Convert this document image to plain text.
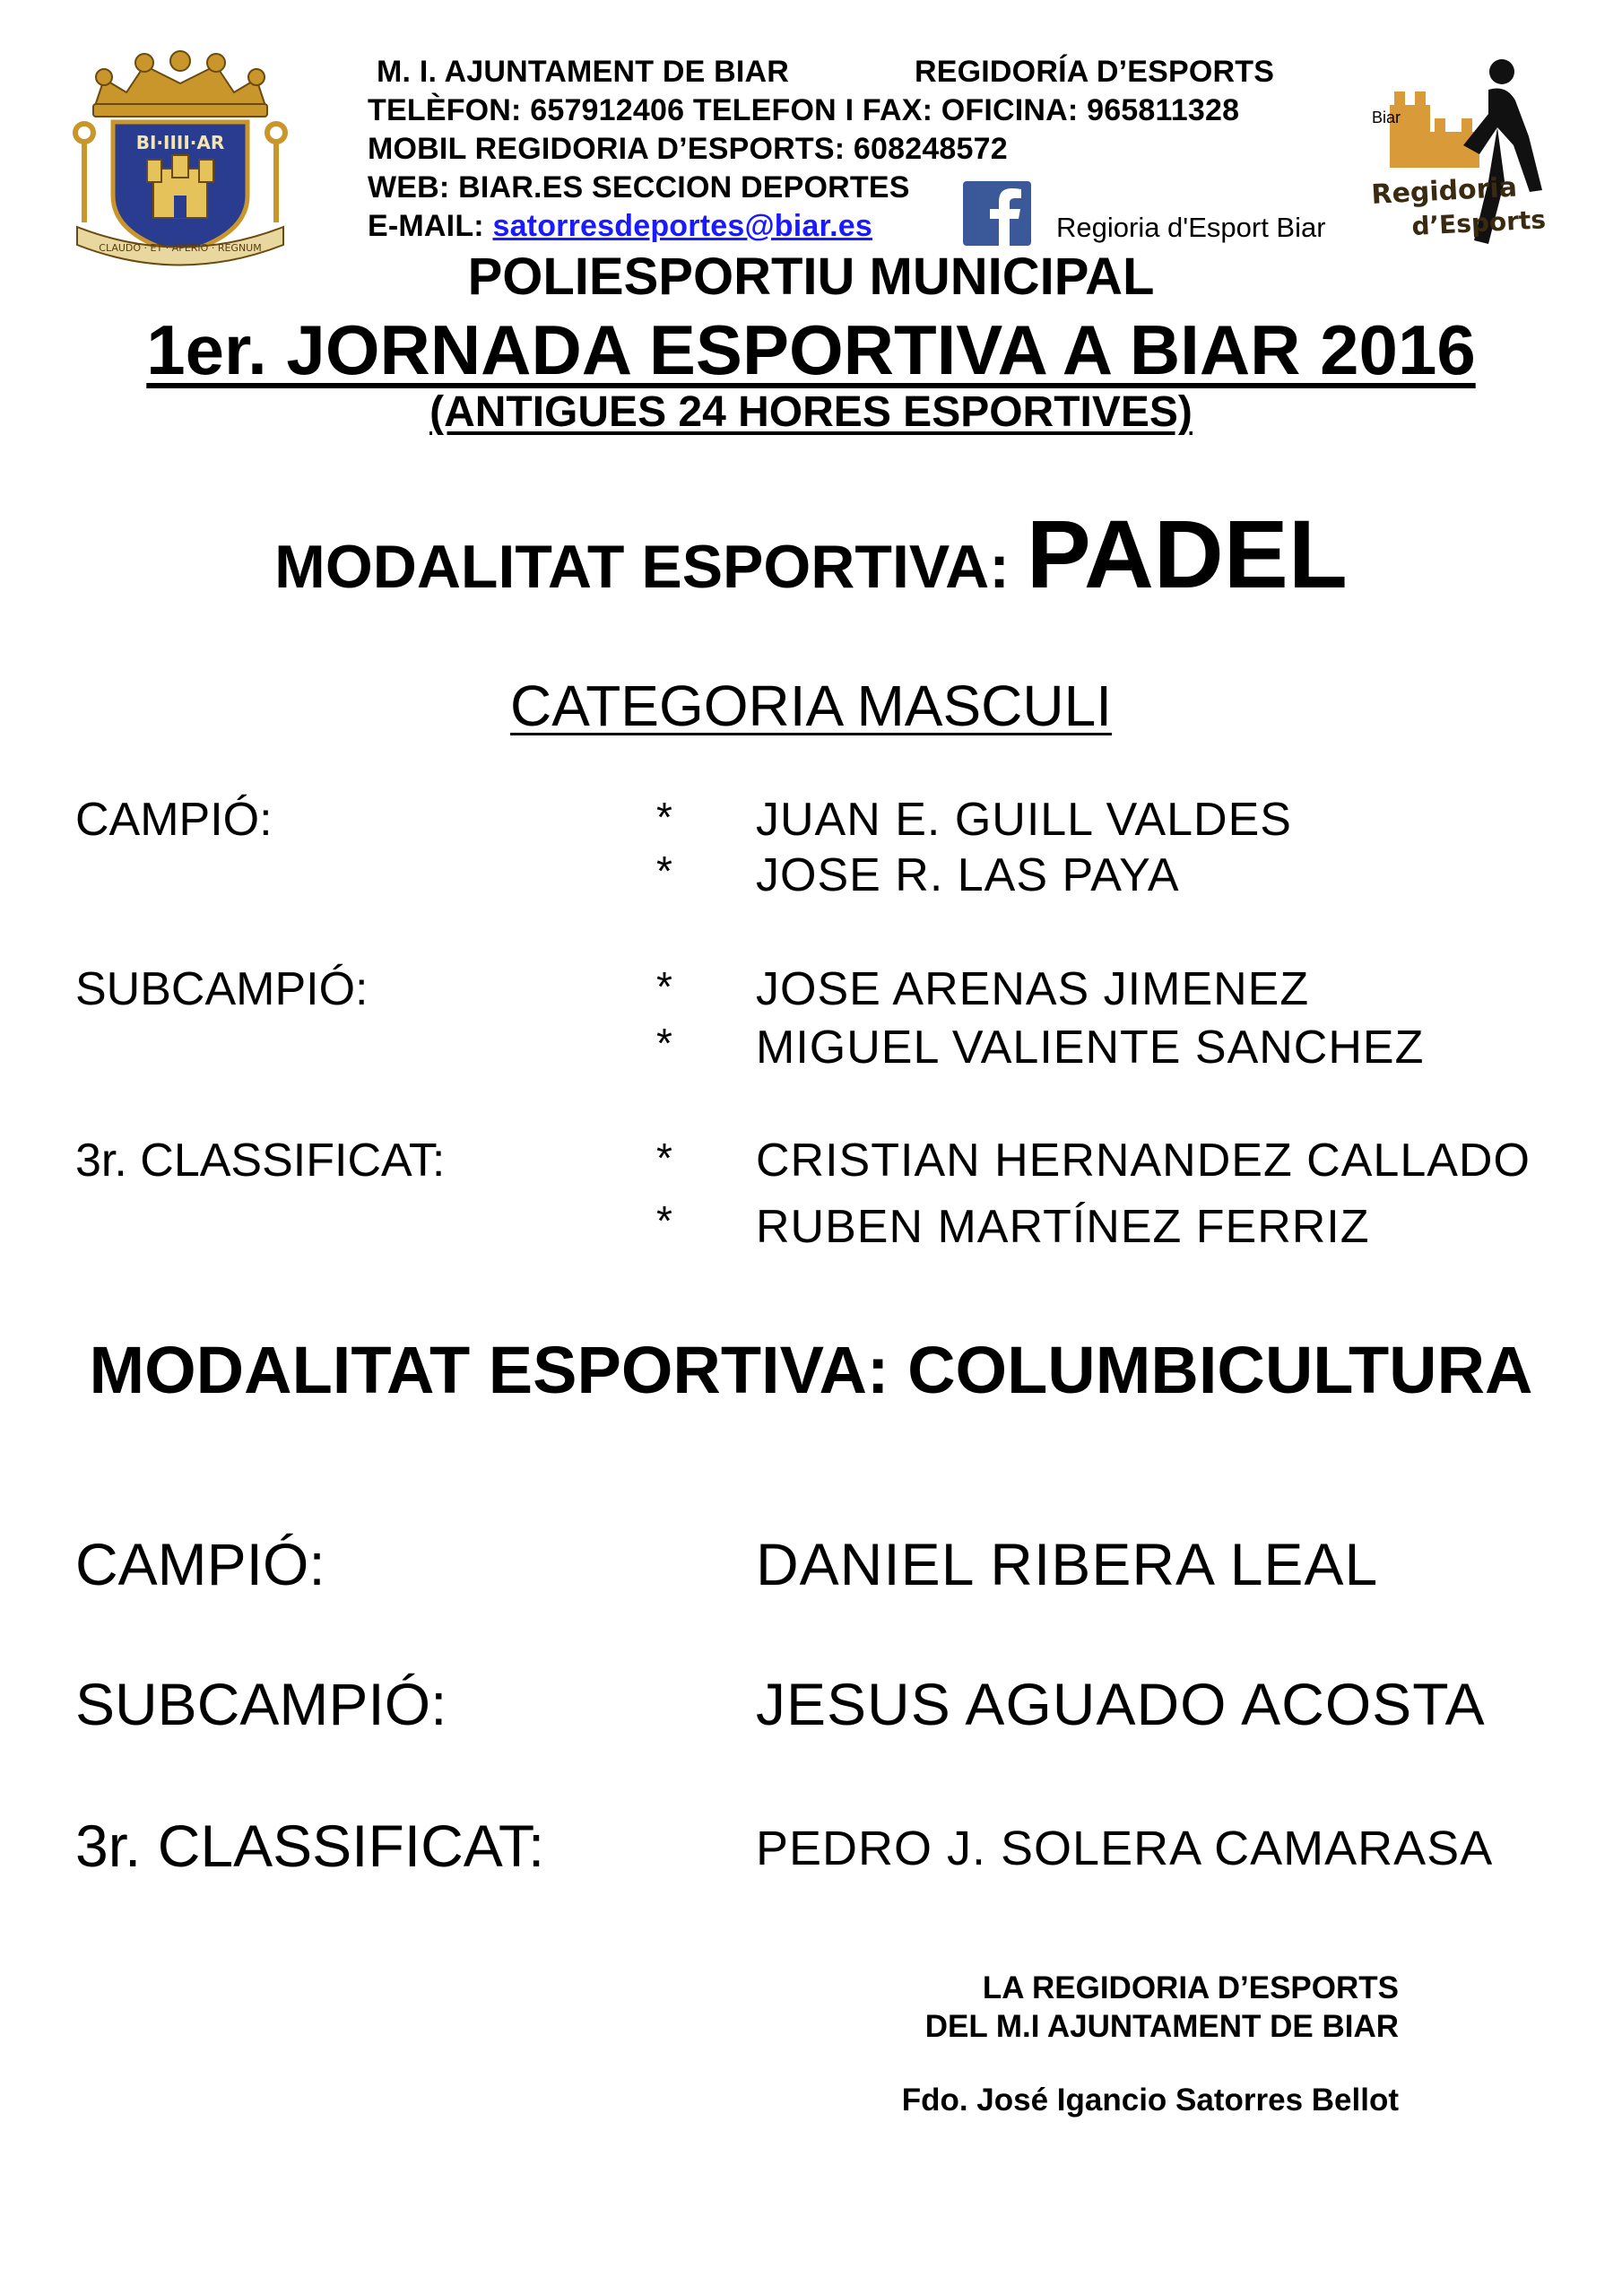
BI·IIII·AR
CLAUDO · ET · APERIO · REGNUM
M. I. AJUNTAMENT DE BIAR	REGIDORÍA D’ESPORTS
TELÈFON: 657912406 TELEFON I FAX: OFICINA: 965811328
MOBIL REGIDORIA D’ESPORTS: 608248572
WEB: BIAR.ES SECCION DEPORTES
E-MAIL: satorresdeportes@biar.es	Regioria d'Esport Biar
Biar
Regidoria
d’Esports
POLIESPORTIU MUNICIPAL
1er. JORNADA ESPORTIVA A BIAR 2016
(ANTIGUES 24 HORES ESPORTIVES)
MODALITAT ESPORTIVA: PADEL
CATEGORIA MASCULI
CAMPIÓ:	* JUAN E. GUILL VALDES
* JOSE R. LAS PAYA
SUBCAMPIÓ:	* JOSE ARENAS JIMENEZ
* MIGUEL VALIENTE SANCHEZ
3r. CLASSIFICAT:	* CRISTIAN HERNANDEZ CALLADO
* RUBEN MARTÍNEZ FERRIZ
MODALITAT ESPORTIVA: COLUMBICULTURA
CAMPIÓ:	DANIEL RIBERA LEAL
SUBCAMPIÓ:	JESUS AGUADO ACOSTA
3r. CLASSIFICAT:	PEDRO J. SOLERA CAMARASA
LA REGIDORIA D’ESPORTS
DEL M.I AJUNTAMENT DE BIAR
Fdo. José Igancio Satorres Bellot
